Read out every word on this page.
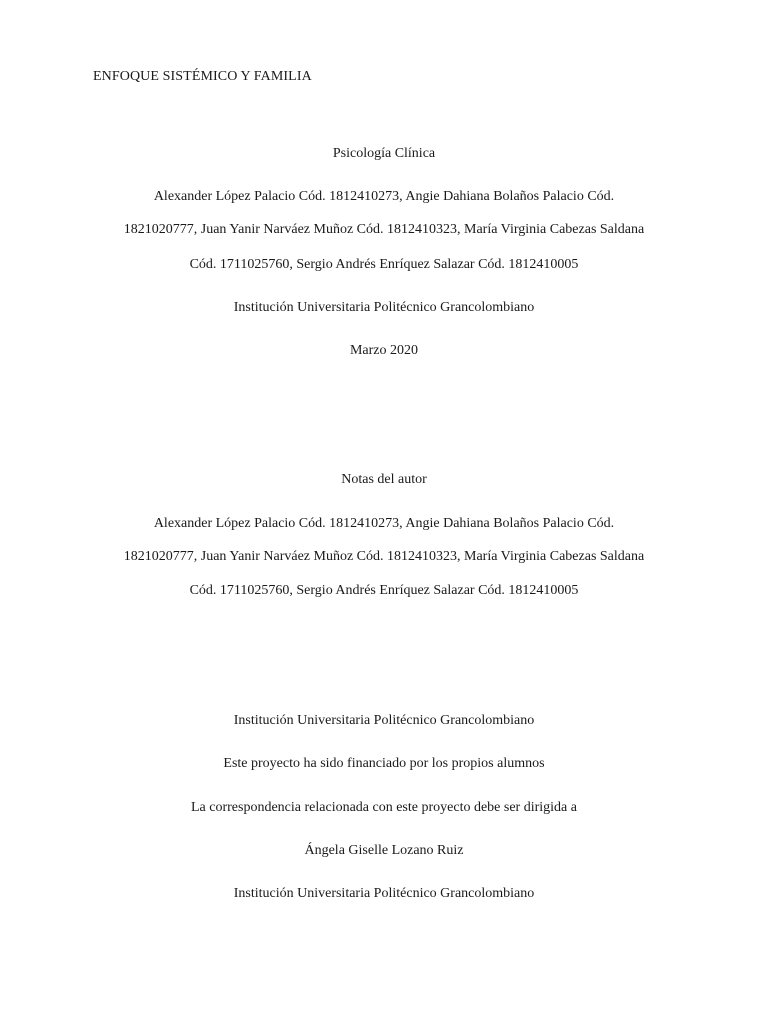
ENFOQUE SISTÉMICO Y FAMILIA
Psicología Clínica
Alexander López Palacio Cód. 1812410273, Angie Dahiana Bolaños Palacio Cód.
1821020777, Juan Yanir Narváez Muñoz Cód. 1812410323, María Virginia Cabezas Saldana
Cód. 1711025760, Sergio Andrés Enríquez Salazar Cód. 1812410005
Institución Universitaria Politécnico Grancolombiano
Marzo 2020
Notas del autor
Alexander López Palacio Cód. 1812410273, Angie Dahiana Bolaños Palacio Cód.
1821020777, Juan Yanir Narváez Muñoz Cód. 1812410323, María Virginia Cabezas Saldana
Cód. 1711025760, Sergio Andrés Enríquez Salazar Cód. 1812410005
Institución Universitaria Politécnico Grancolombiano
Este proyecto ha sido financiado por los propios alumnos
La correspondencia relacionada con este proyecto debe ser dirigida a
Ángela Giselle Lozano Ruiz
Institución Universitaria Politécnico Grancolombiano
